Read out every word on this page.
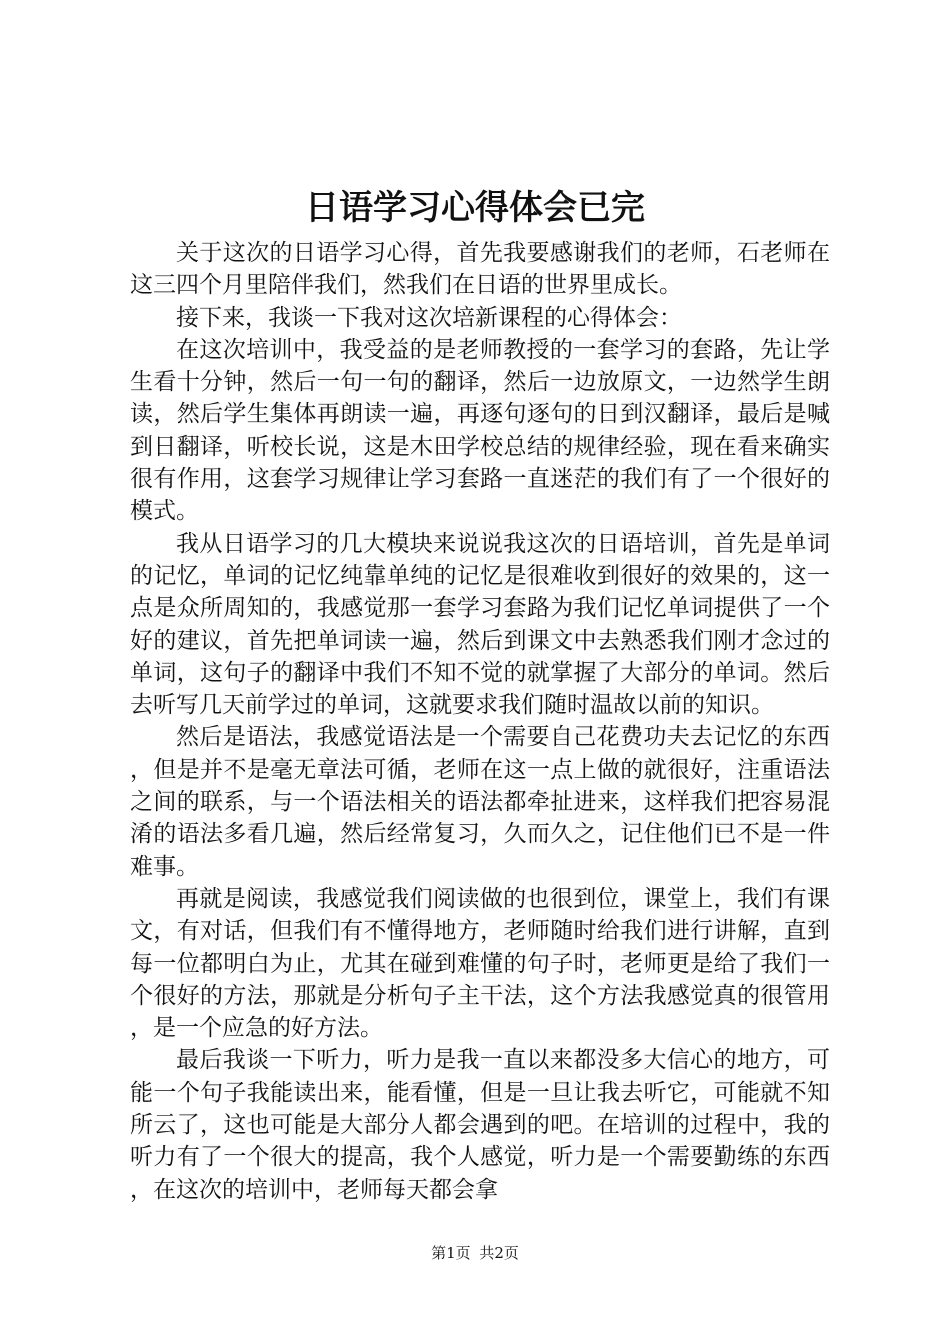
日语学习心得体会已完

关于这次的日语学习心得，首先我要感谢我们的老师，石老师在这三四个月里陪伴我们，然我们在日语的世界里成长。

接下来，我谈一下我对这次培新课程的心得体会：

在这次培训中，我受益的是老师教授的一套学习的套路，先让学生看十分钟，然后一句一句的翻译，然后一边放原文，一边然学生朗读，然后学生集体再朗读一遍，再逐句逐句的日到汉翻译，最后是喊到日翻译，听校长说，这是木田学校总结的规律经验，现在看来确实很有作用，这套学习规律让学习套路一直迷茫的我们有了一个很好的模式。

我从日语学习的几大模块来说说我这次的日语培训，首先是单词的记忆，单词的记忆纯靠单纯的记忆是很难收到很好的效果的，这一点是众所周知的，我感觉那一套学习套路为我们记忆单词提供了一个好的建议，首先把单词读一遍，然后到课文中去熟悉我们刚才念过的单词，这句子的翻译中我们不知不觉的就掌握了大部分的单词。然后去听写几天前学过的单词，这就要求我们随时温故以前的知识。

然后是语法，我感觉语法是一个需要自己花费功夫去记忆的东西，但是并不是毫无章法可循，老师在这一点上做的就很好，注重语法之间的联系，与一个语法相关的语法都牵扯进来，这样我们把容易混淆的语法多看几遍，然后经常复习，久而久之，记住他们已不是一件难事。

再就是阅读，我感觉我们阅读做的也很到位，课堂上，我们有课文，有对话，但我们有不懂得地方，老师随时给我们进行讲解，直到每一位都明白为止，尤其在碰到难懂的句子时，老师更是给了我们一个很好的方法，那就是分析句子主干法，这个方法我感觉真的很管用，是一个应急的好方法。

最后我谈一下听力，听力是我一直以来都没多大信心的地方，可能一个句子我能读出来，能看懂，但是一旦让我去听它，可能就不知所云了，这也可能是大部分人都会遇到的吧。在培训的过程中，我的听力有了一个很大的提高，我个人感觉，听力是一个需要勤练的东西，在这次的培训中，老师每天都会拿

第1页 共2页
